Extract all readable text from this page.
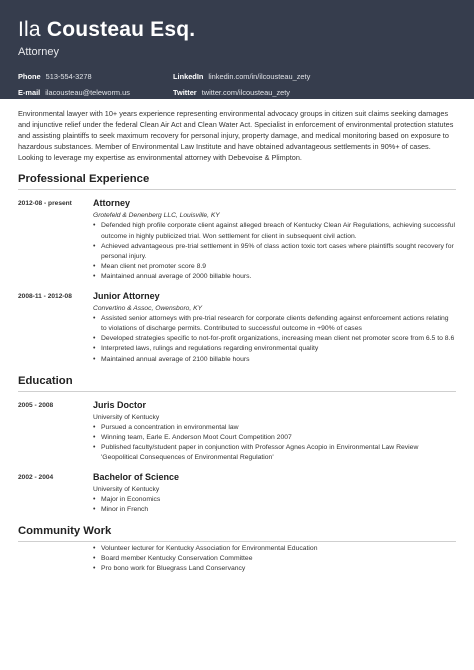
Ila Cousteau Esq.
Attorney
Phone 513-554-3278	LinkedIn linkedin.com/in/ilcousteau_zety
E-mail ilacousteau@teleworm.us	Twitter twitter.com/ilcousteau_zety

Environmental lawyer with 10+ years experience representing environmental advocacy groups in citizen suit claims seeking damages and injunctive relief under the federal Clean Air Act and Clean Water Act. Specialist in enforcement of environmental protection statutes and assisting plaintiffs to seek maximum recovery for personal injury, property damage, and medical monitoring based on exposure to hazardous substances. Member of Environmental Law Institute and have obtained advantageous settlements in 90%+ of cases. Looking to leverage my expertise as environmental attorney with Debevoise & Plimpton.

Professional Experience
2012-08 - present	Attorney
Grotefeld & Denenberg LLC, Louisville, KY
• Defended high profile corporate client against alleged breach of Kentucky Clean Air Regulations, achieving successful outcome in highly publicized trial. Won settlement for client in subsequent civil action.
• Achieved advantageous pre-trial settlement in 95% of class action toxic tort cases where plaintiffs sought recovery for personal injury.
• Mean client net promoter score 8.9
• Maintained annual average of 2000 billable hours.
2008-11 - 2012-08	Junior Attorney
Convertino & Assoc, Owensboro, KY
• Assisted senior attorneys with pre-trial research for corporate clients defending against enforcement actions relating to violations of discharge permits. Contributed to successful outcome in +90% of cases
• Developed strategies specific to not-for-profit organizations, increasing mean client net promoter score from 6.5 to 8.6
• Interpreted laws, rulings and regulations regarding environmental quality
• Maintained annual average of 2100 billable hours
Education
2005 - 2008	Juris Doctor
University of Kentucky
• Pursued a concentration in environmental law
• Winning team, Earle E. Anderson Moot Court Competition 2007
• Published faculty/student paper in conjunction with Professor Agnes Acopio in Environmental Law Review 'Geopolitical Consequences of Environmental Regulation'
2002 - 2004	Bachelor of Science
University of Kentucky
• Major in Economics
• Minor in French
Community Work
• Volunteer lecturer for Kentucky Association for Environmental Education
• Board member Kentucky Conservation Committee
• Pro bono work for Bluegrass Land Conservancy
